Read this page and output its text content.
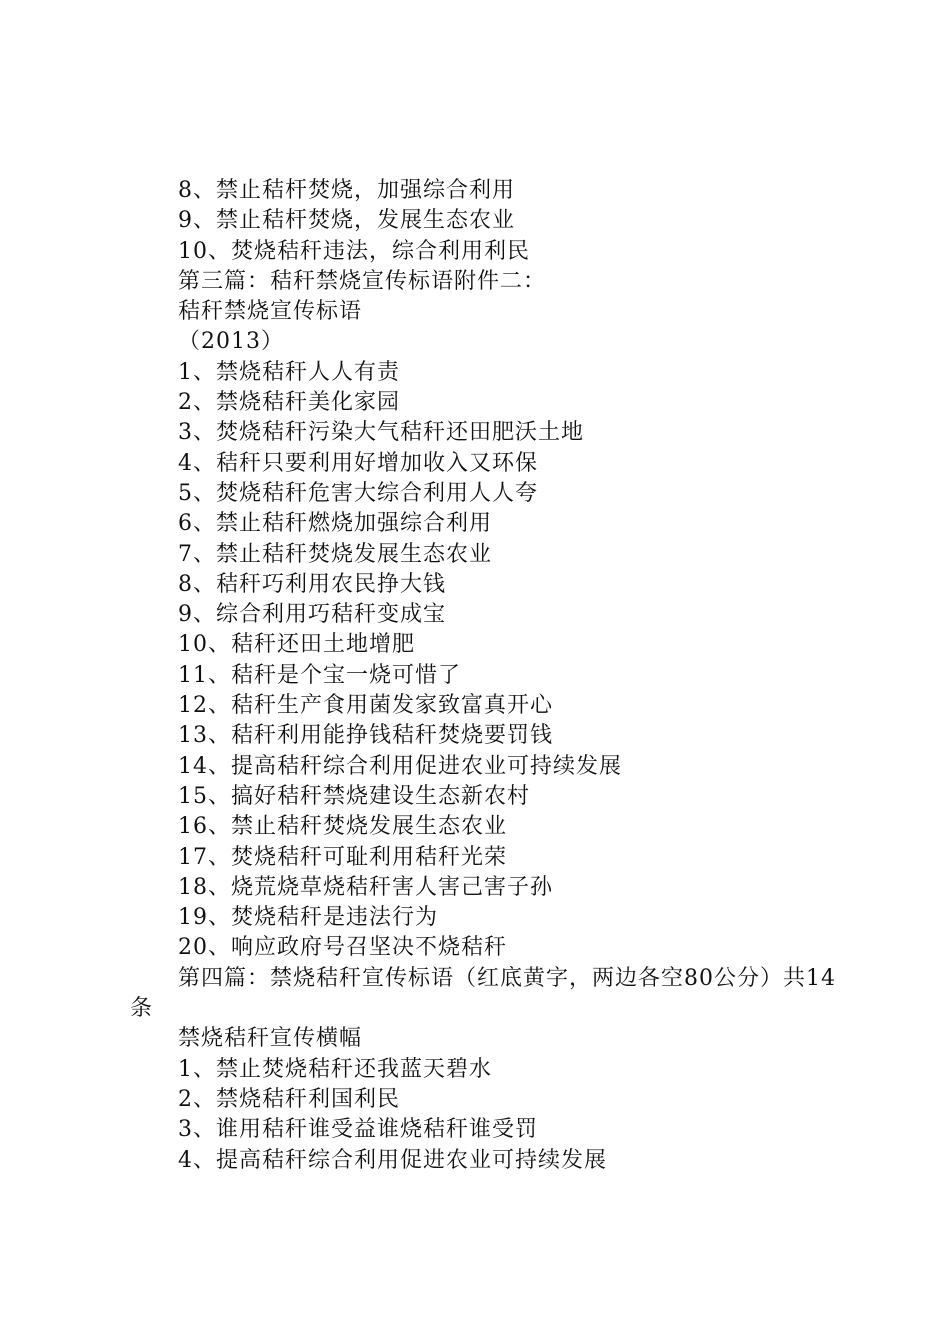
8、禁止秸杆焚烧，加强综合利用
9、禁止秸杆焚烧，发展生态农业
10、焚烧秸秆违法，综合利用利民
第三篇：秸秆禁烧宣传标语附件二：
秸秆禁烧宣传标语
（2013）
1、禁烧秸秆人人有责
2、禁烧秸秆美化家园
3、焚烧秸秆污染大气秸秆还田肥沃土地
4、秸秆只要利用好增加收入又环保
5、焚烧秸秆危害大综合利用人人夸
6、禁止秸秆燃烧加强综合利用
7、禁止秸秆焚烧发展生态农业
8、秸秆巧利用农民挣大钱
9、综合利用巧秸秆变成宝
10、秸秆还田土地增肥
11、秸秆是个宝一烧可惜了
12、秸秆生产食用菌发家致富真开心
13、秸秆利用能挣钱秸秆焚烧要罚钱
14、提高秸秆综合利用促进农业可持续发展
15、搞好秸秆禁烧建设生态新农村
16、禁止秸秆焚烧发展生态农业
17、焚烧秸秆可耻利用秸秆光荣
18、烧荒烧草烧秸秆害人害己害子孙
19、焚烧秸秆是违法行为
20、响应政府号召坚决不烧秸秆
第四篇：禁烧秸秆宣传标语（红底黄字，两边各空80公分）共14条
禁烧秸秆宣传横幅
1、禁止焚烧秸秆还我蓝天碧水
2、禁烧秸秆利国利民
3、谁用秸秆谁受益谁烧秸秆谁受罚
4、提高秸秆综合利用促进农业可持续发展
